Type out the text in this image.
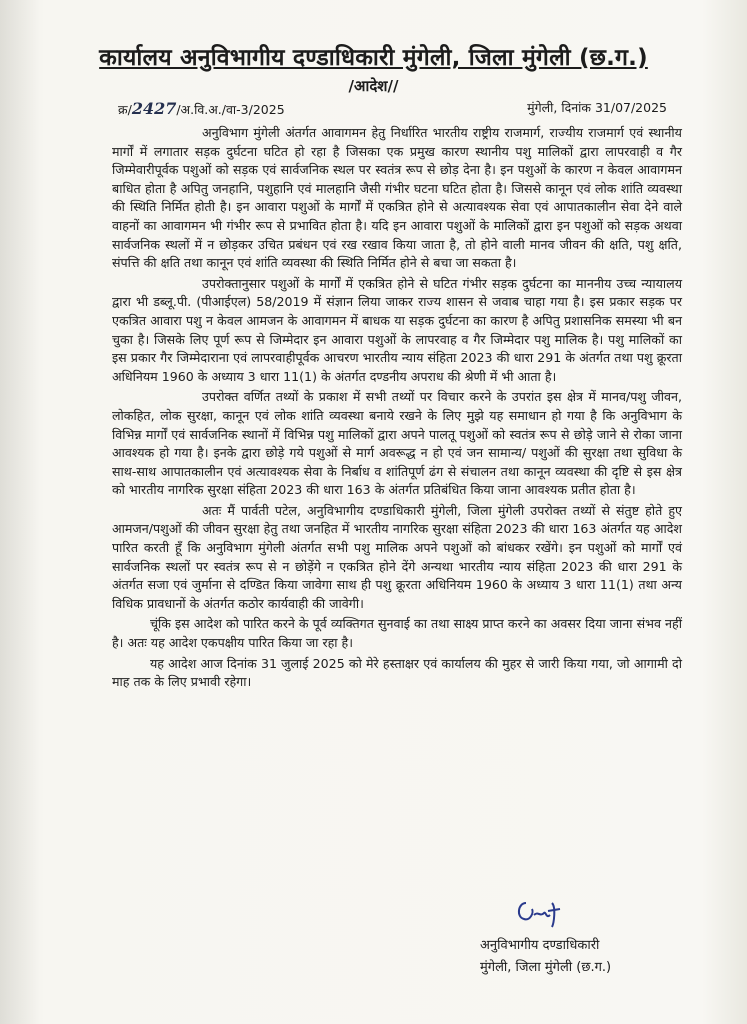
कार्यालय अनुविभागीय दण्डाधिकारी मुंगेली, जिला मुंगेली (छ.ग.)
/आदेश//
क्र/2427/अ.वि.अ./वा-3/2025	मुंगेली, दिनांक 31/07/2025

अनुविभाग मुंगेली अंतर्गत आवागमन हेतु निर्धारित भारतीय राष्ट्रीय राजमार्ग, राज्यीय राजमार्ग एवं स्थानीय मार्गों में लगातार सड़क दुर्घटना घटित हो रहा है जिसका एक प्रमुख कारण स्थानीय पशु मालिकों द्वारा लापरवाही व गैर जिम्मेवारीपूर्वक पशुओं को सड़क एवं सार्वजनिक स्थल पर स्वतंत्र रूप से छोड़ देना है। इन पशुओं के कारण न केवल आवागमन बाधित होता है अपितु जनहानि, पशुहानि एवं मालहानि जैसी गंभीर घटना घटित होता है। जिससे कानून एवं लोक शांति व्यवस्था की स्थिति निर्मित होती है। इन आवारा पशुओं के मार्गों में एकत्रित होने से अत्यावश्यक सेवा एवं आपातकालीन सेवा देने वाले वाहनों का आवागमन भी गंभीर रूप से प्रभावित होता है। यदि इन आवारा पशुओं के मालिकों द्वारा इन पशुओं को सड़क अथवा सार्वजनिक स्थलों में न छोड़कर उचित प्रबंधन एवं रख रखाव किया जाता है, तो होने वाली मानव जीवन की क्षति, पशु क्षति, संपत्ति की क्षति तथा कानून एवं शांति व्यवस्था की स्थिति निर्मित होने से बचा जा सकता है।

उपरोक्तानुसार पशुओं के मार्गों में एकत्रित होने से घटित गंभीर सड़क दुर्घटना का माननीय उच्च न्यायालय द्वारा भी डब्लू.पी. (पीआईएल) 58/2019 में संज्ञान लिया जाकर राज्य शासन से जवाब चाहा गया है। इस प्रकार सड़क पर एकत्रित आवारा पशु न केवल आमजन के आवागमन में बाधक या सड़क दुर्घटना का कारण है अपितु प्रशासनिक समस्या भी बन चुका है। जिसके लिए पूर्ण रूप से जिम्मेदार इन आवारा पशुओं के लापरवाह व गैर जिम्मेदार पशु मालिक है। पशु मालिकों का इस प्रकार गैर जिम्मेदाराना एवं लापरवाहीपूर्वक आचरण भारतीय न्याय संहिता 2023 की धारा 291 के अंतर्गत तथा पशु क्रूरता अधिनियम 1960 के अध्याय 3 धारा 11(1) के अंतर्गत दण्डनीय अपराध की श्रेणी में भी आता है।

उपरोक्त वर्णित तथ्यों के प्रकाश में सभी तथ्यों पर विचार करने के उपरांत इस क्षेत्र में मानव/पशु जीवन, लोकहित, लोक सुरक्षा, कानून एवं लोक शांति व्यवस्था बनाये रखने के लिए मुझे यह समाधान हो गया है कि अनुविभाग के विभिन्न मार्गों एवं सार्वजनिक स्थानों में विभिन्न पशु मालिकों द्वारा अपने पालतू पशुओं को स्वतंत्र रूप से छोड़े जाने से रोका जाना आवश्यक हो गया है। इनके द्वारा छोड़े गये पशुओं से मार्ग अवरूद्ध न हो एवं जन सामान्य/ पशुओं की सुरक्षा तथा सुविधा के साथ-साथ आपातकालीन एवं अत्यावश्यक सेवा के निर्बाध व शांतिपूर्ण ढंग से संचालन तथा कानून व्यवस्था की दृष्टि से इस क्षेत्र को भारतीय नागरिक सुरक्षा संहिता 2023 की धारा 163 के अंतर्गत प्रतिबंधित किया जाना आवश्यक प्रतीत होता है।

अतः मैं पार्वती पटेल, अनुविभागीय दण्डाधिकारी मुंगेली, जिला मुंगेली उपरोक्त तथ्यों से संतुष्ट होते हुए आमजन/पशुओं की जीवन सुरक्षा हेतु तथा जनहित में भारतीय नागरिक सुरक्षा संहिता 2023 की धारा 163 अंतर्गत यह आदेश पारित करती हूँ कि अनुविभाग मुंगेली अंतर्गत सभी पशु मालिक अपने पशुओं को बांधकर रखेंगे। इन पशुओं को मार्गों एवं सार्वजनिक स्थलों पर स्वतंत्र रूप से न छोड़ेंगे न एकत्रित होने देंगे अन्यथा भारतीय न्याय संहिता 2023 की धारा 291 के अंतर्गत सजा एवं जुर्माना से दण्डित किया जावेगा साथ ही पशु क्रूरता अधिनियम 1960 के अध्याय 3 धारा 11(1) तथा अन्य विधिक प्रावधानों के अंतर्गत कठोर कार्यवाही की जावेगी।

चूंकि इस आदेश को पारित करने के पूर्व व्यक्तिगत सुनवाई का तथा साक्ष्य प्राप्त करने का अवसर दिया जाना संभव नहीं है। अतः यह आदेश एकपक्षीय पारित किया जा रहा है।

यह आदेश आज दिनांक 31 जुलाई 2025 को मेरे हस्ताक्षर एवं कार्यालय की मुहर से जारी किया गया, जो आगामी दो माह तक के लिए प्रभावी रहेगा।

अनुविभागीय दण्डाधिकारी
मुंगेली, जिला मुंगेली (छ.ग.)
